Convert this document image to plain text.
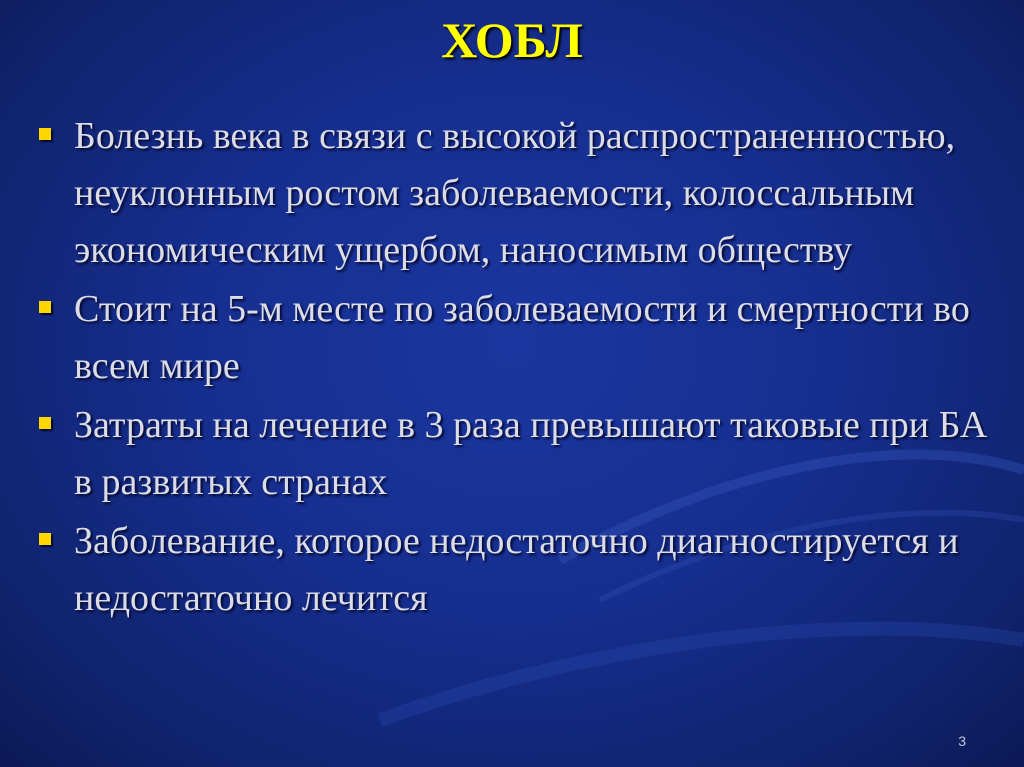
ХОБЛ
Болезнь века в связи с высокой распространенностью, неуклонным ростом заболеваемости, колоссальным экономическим ущербом, наносимым обществу
Стоит на 5-м месте по заболеваемости и смертности во всем мире
Затраты на лечение в 3 раза превышают таковые при БА в развитых странах
Заболевание, которое недостаточно диагностируется и недостаточно лечится
3
